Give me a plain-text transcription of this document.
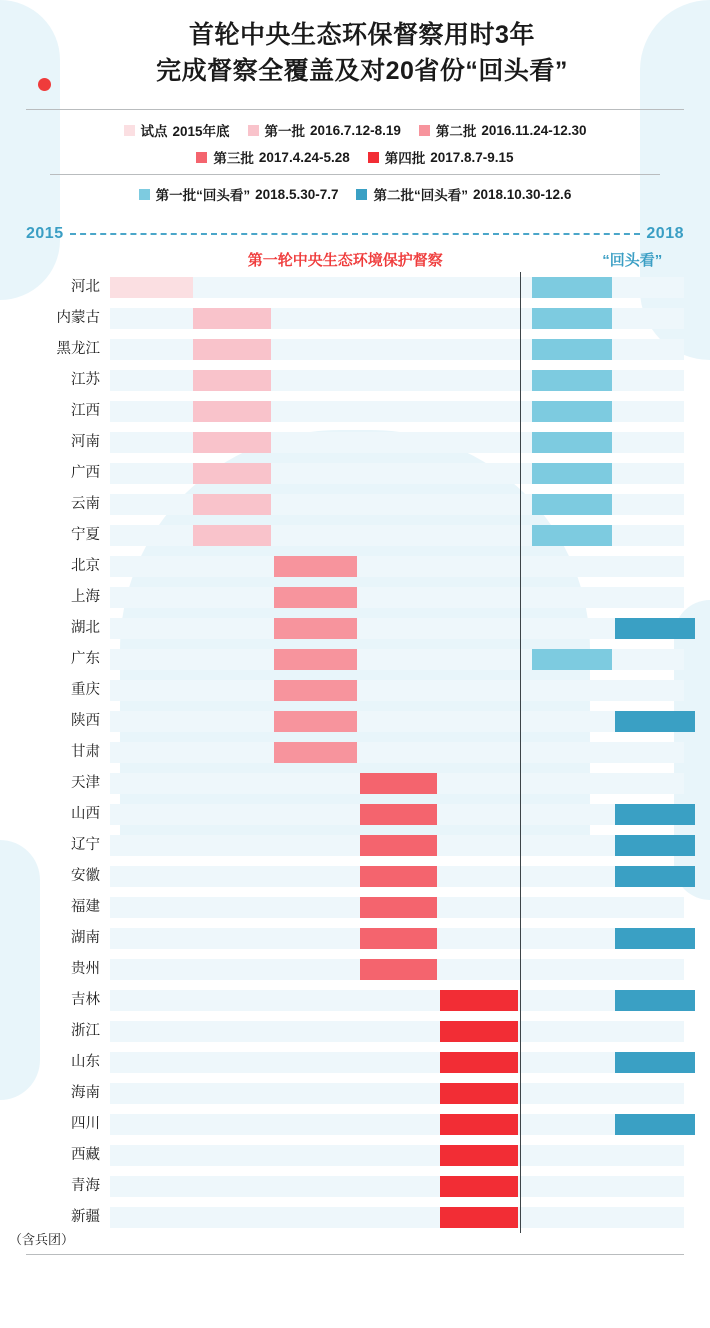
首轮中央生态环保督察用时3年
完成督察全覆盖及对20省份“回头看”
试点 2015年底	第一批 2016.7.12-8.19	第二批 2016.11.24-12.30
第三批 2017.4.24-5.28	第四批 2017.8.7-9.15
第一批“回头看” 2018.5.30-7.7	第二批“回头看” 2018.10.30-12.6
2015	2018
第一轮中央生态环境保护督察	“回头看”
河北
内蒙古
黑龙江
江苏
江西
河南
广西
云南
宁夏
北京
上海
湖北
广东
重庆
陕西
甘肃
天津
山西
辽宁
安徽
福建
湖南
贵州
吉林
浙江
山东
海南
四川
西藏
青海
新疆
（含兵团）
